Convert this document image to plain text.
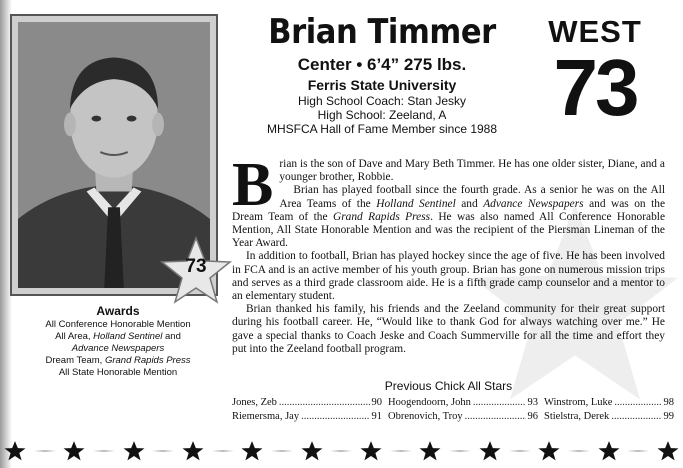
73
Awards
All Conference Honorable Mention
All Area, Holland Sentinel and
Advance Newspapers
Dream Team, Grand Rapids Press
All State Honorable Mention
Brian Timmer
Center • 6’4” 275 lbs.
Ferris State University
High School Coach: Stan Jesky
High School: Zeeland, A
MHSFCA Hall of Fame Member since 1988
WEST
73
B rian is the son of Dave and Mary Beth Timmer. He has one older sister, Diane, and a younger brother, Robbie.

Brian has played football since the fourth grade. As a senior he was on the All Area Teams of the Holland Sentinel and Advance Newspapers and was on the Dream Team of the Grand Rapids Press. He was also named All Conference Honorable Mention, All State Honorable Mention and was the recipient of the Piersman Lineman of the Year Award.

In addition to football, Brian has played hockey since the age of five. He has been involved in FCA and is an active member of his youth group. Brian has gone on numerous mission trips and serves as a third grade classroom aide. He is a fifth grade camp counselor and a mentor to an elementary student.

Brian thanked his family, his friends and the Zeeland community for their great support during his football career. He, “Would like to thank God for always watching over me.” He gave a special thanks to Coach Jeske and Coach Summerville for all the time and effort they put into the Zeeland football program.

Previous Chick All Stars
Jones, Zeb .....	90 Hoogendoorn, John .....	93 Winstrom, Luke .....	98
Riemersma, Jay .....	91 Obrenovich, Troy .....	96 Stielstra, Derek .....	99
